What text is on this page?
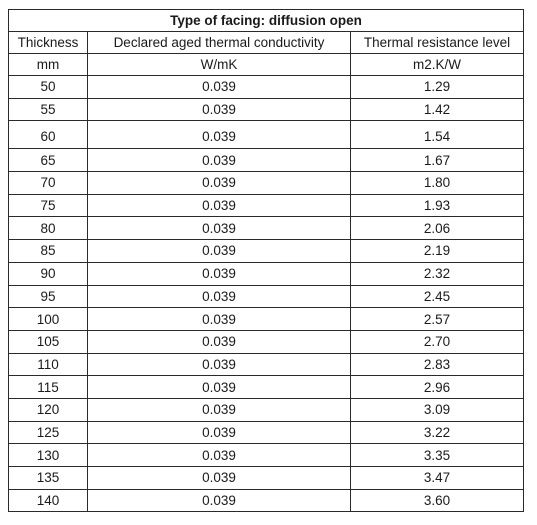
Type of facing: diffusion open		
Thickness	Declared aged thermal conductivity	Thermal resistance level
mm	W/mK	m2.K/W
50	0.039	1.29
55	0.039	1.42
60	0.039	1.54
65	0.039	1.67
70	0.039	1.80
75	0.039	1.93
80	0.039	2.06
85	0.039	2.19
90	0.039	2.32
95	0.039	2.45
100	0.039	2.57
105	0.039	2.70
110	0.039	2.83
115	0.039	2.96
120	0.039	3.09
125	0.039	3.22
130	0.039	3.35
135	0.039	3.47
140	0.039	3.60
